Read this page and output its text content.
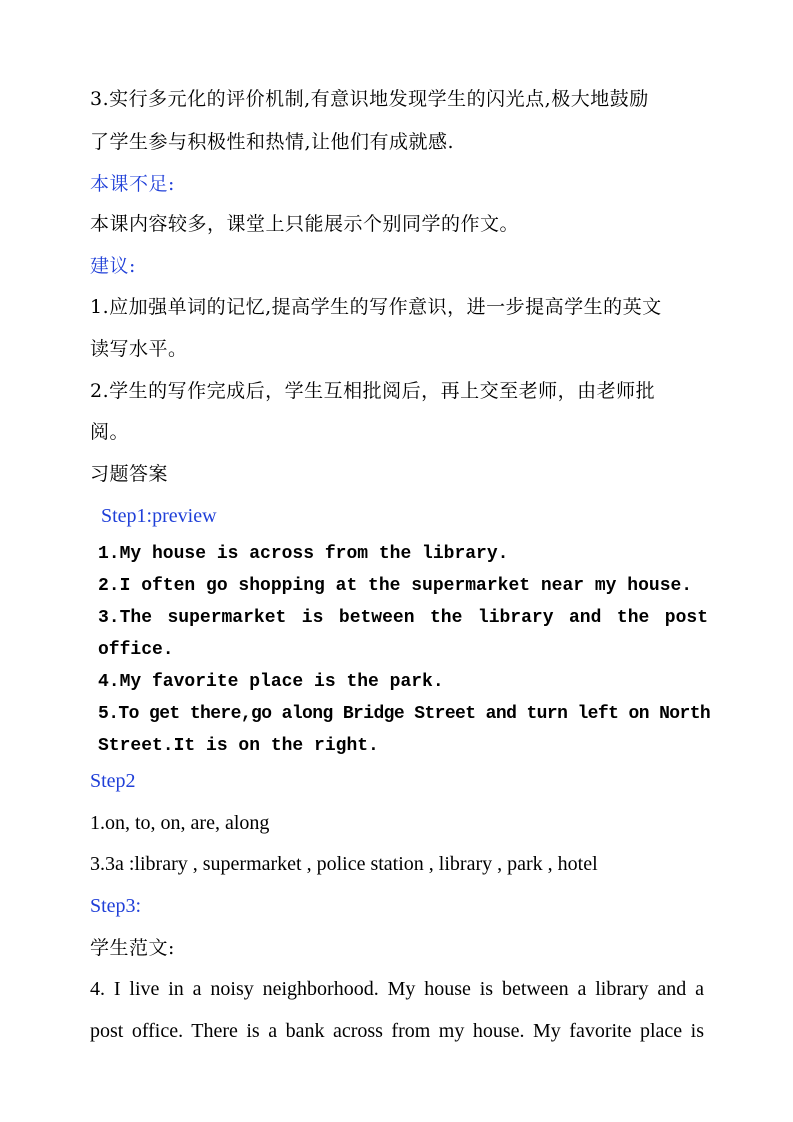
3.实行多元化的评价机制,有意识地发现学生的闪光点,极大地鼓励
了学生参与积极性和热情,让他们有成就感.
本课不足:
本课内容较多，课堂上只能展示个别同学的作文。
建议:
1.应加强单词的记忆,提高学生的写作意识，进一步提高学生的英文
读写水平。
2.学生的写作完成后，学生互相批阅后，再上交至老师，由老师批
阅。
习题答案
Step1:preview
1.My house is across from the library.
2.I often go shopping at the supermarket near my house.
3.The supermarket is between the library and the post
office.
4.My favorite place is the park.
5.To get there,go along Bridge Street and turn left on North
Street.It is on the right.
Step2
1.on, to, on, are, along
3.3a :library , supermarket , police station , library , park , hotel
Step3:
学生范文:
4. I live in a noisy neighborhood. My house is between a library and a
post office. There is a bank across from my house. My favorite place is
